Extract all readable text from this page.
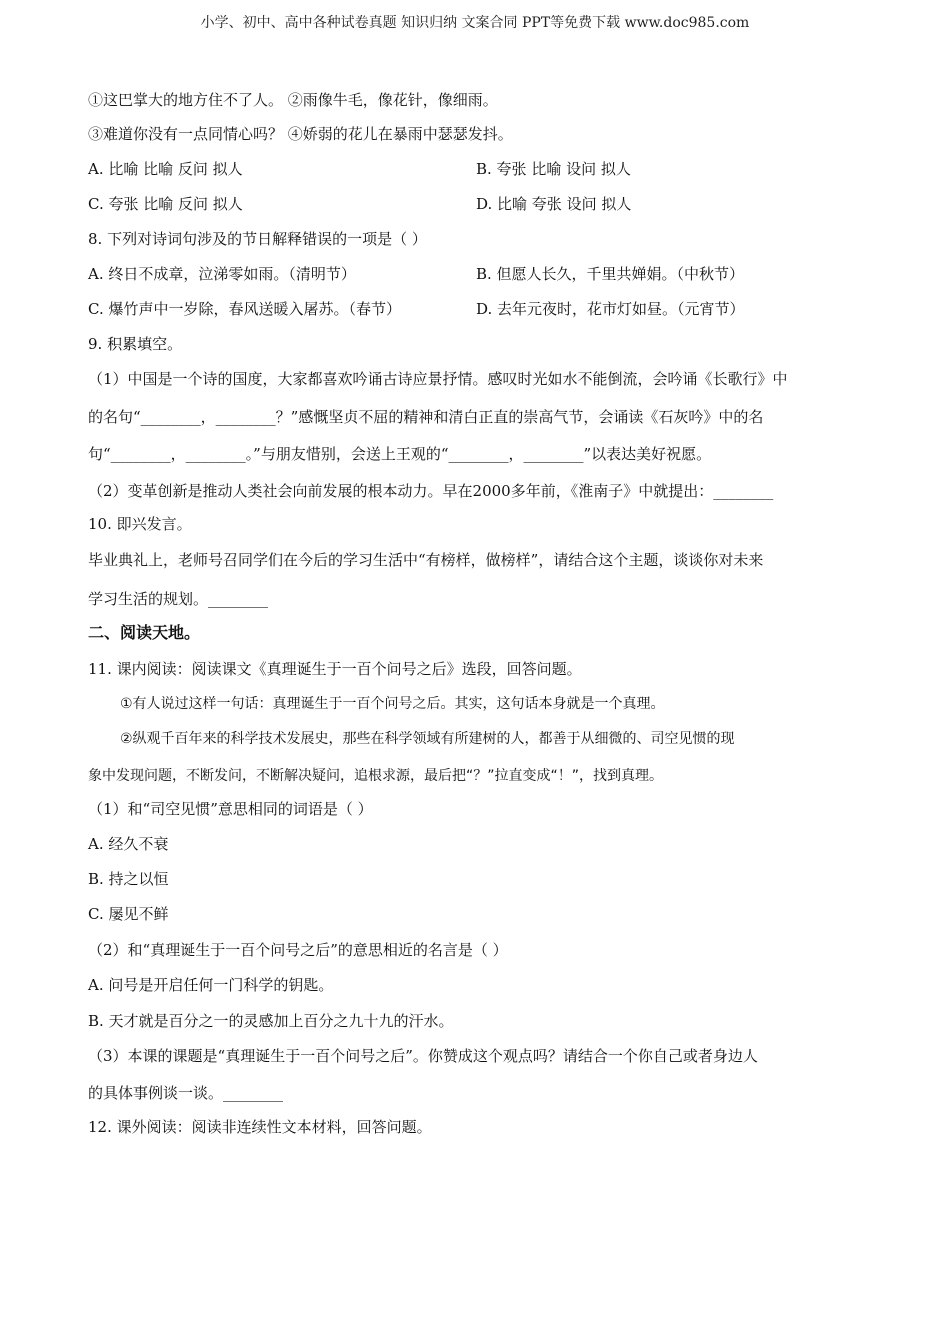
小学、初中、高中各种试卷真题 知识归纳 文案合同 PPT等免费下载 www.doc985.com
①这巴掌大的地方住不了人。 ②雨像牛毛，像花针，像细雨。
③难道你没有一点同情心吗？ ④娇弱的花儿在暴雨中瑟瑟发抖。
A. 比喻 比喻 反问 拟人	B. 夸张 比喻 设问 拟人
C. 夸张 比喻 反问 拟人	D. 比喻 夸张 设问 拟人
8. 下列对诗词句涉及的节日解释错误的一项是（ ）
A. 终日不成章，泣涕零如雨。（清明节）	B. 但愿人长久，千里共婵娟。（中秋节）
C. 爆竹声中一岁除，春风送暖入屠苏。（春节）	D. 去年元夜时，花市灯如昼。（元宵节）
9. 积累填空。
（1）中国是一个诗的国度，大家都喜欢吟诵古诗应景抒情。感叹时光如水不能倒流，会吟诵《长歌行》中
的名句“________，________？”感慨坚贞不屈的精神和清白正直的崇高气节，会诵读《石灰吟》中的名
句“________，________。”与朋友惜别，会送上王观的“________，________”以表达美好祝愿。
（2）变革创新是推动人类社会向前发展的根本动力。早在2000多年前，《淮南子》中就提出：________
10. 即兴发言。
毕业典礼上，老师号召同学们在今后的学习生活中“有榜样，做榜样”，请结合这个主题，谈谈你对未来
学习生活的规划。________
二、阅读天地。
11. 课内阅读：阅读课文《真理诞生于一百个问号之后》选段，回答问题。
①有人说过这样一句话：真理诞生于一百个问号之后。其实，这句话本身就是一个真理。
②纵观千百年来的科学技术发展史，那些在科学领域有所建树的人，都善于从细微的、司空见惯的现
象中发现问题，不断发问，不断解决疑问，追根求源，最后把“？”拉直变成“！”，找到真理。
（1）和“司空见惯”意思相同的词语是（ ）
A. 经久不衰
B. 持之以恒
C. 屡见不鲜
（2）和“真理诞生于一百个问号之后”的意思相近的名言是（ ）
A. 问号是开启任何一门科学的钥匙。
B. 天才就是百分之一的灵感加上百分之九十九的汗水。
（3）本课的课题是“真理诞生于一百个问号之后”。你赞成这个观点吗？请结合一个你自己或者身边人
的具体事例谈一谈。________
12. 课外阅读：阅读非连续性文本材料，回答问题。
